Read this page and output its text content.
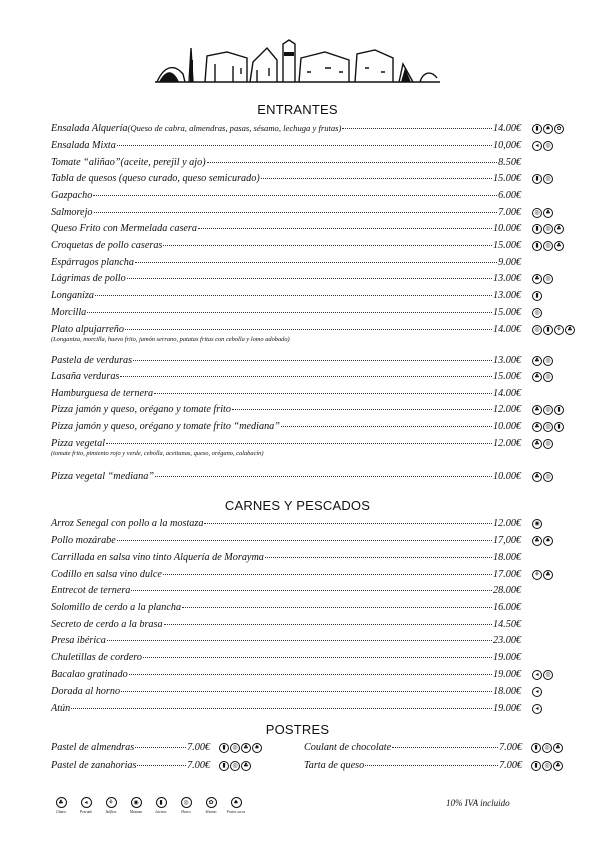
ENTRANTES
Ensalada Alquería (Queso de cabra, almendras, pasas, sésamo, lechuga y frutas)	14.00€	▮	♠ ✿
Ensalada Mixta	10,00€	◂	◎
Tomate “aliñao”(aceite, perejil y ajo)	8.50€
Tabla de quesos (queso curado, queso semicurado)	15.00€	▮	◎
Gazpacho	6.00€
Salmorejo	7.00€	◎ ♣
Queso Frito con Mermelada casera	10.00€	▮	◎ ♣
Croquetas de pollo caseras	15.00€	▮	◎ ♣
Espárragos plancha	9.00€
Lágrimas de pollo	13.00€	♣ ◎
Longaniza	13.00€	▮
Morcilla	15.00€	◎
Plato alpujarreño	14.00€	◎	▮	⚘ ♣
(Longaniza, morcilla, huevo frito, jamón serrano, patatas fritas con cebolla y lomo adobado)
Pastela de verduras	13.00€	♣ ◎
Lasaña verduras	15.00€	♣ ◎
Hamburguesa de ternera	14.00€
Pizza jamón y queso, orégano y tomate frito	12.00€	♣ ◎	▮
Pizza jamón y queso, orégano y tomate frito “mediana”	10.00€	♣ ◎	▮
Pizza vegetal	12.00€	♣ ◎
(tomate frito, pimiento rojo y verde, cebolla, aceitunas, queso, orégano, calabacín)
Pizza vegetal “mediana”	10.00€	♣ ◎
CARNES Y PESCADOS
Arroz Senegal con pollo a la mostaza	12.00€	◉
Pollo mozárabe	17,00€	♣ ♠
Carrillada en salsa vino tinto Alquería de Morayma	18.00€
Codillo en salsa vino dulce	17.00€	⚘ ♣
Entrecot de ternera	28.00€
Solomillo de cerdo a la plancha	16.00€
Secreto de cerdo a la brasa	14.50€
Presa ibérica	23.00€
Chuletillas de cordero	19.00€
Bacalao gratinado	19.00€	◂	◎
Dorada al horno	18.00€	◂
Atún	19.00€	◂
POSTRES
Pastel de almendras	7.00€	▮	◎ ♣ ♠	Coulant de chocolate	7.00€	▮	◎ ♣
Pastel de zanahorias	7.00€	▮	◎ ♣	Tarta de queso	7.00€	▮	◎ ♣
♣
Gluten
◂
Pescado
⚘
Sulfitos
◉
Mostaza
▮
Lácteos
◎
Huevo
✿
Sésamo
♠
Frutos secos
10% IVA incluido
